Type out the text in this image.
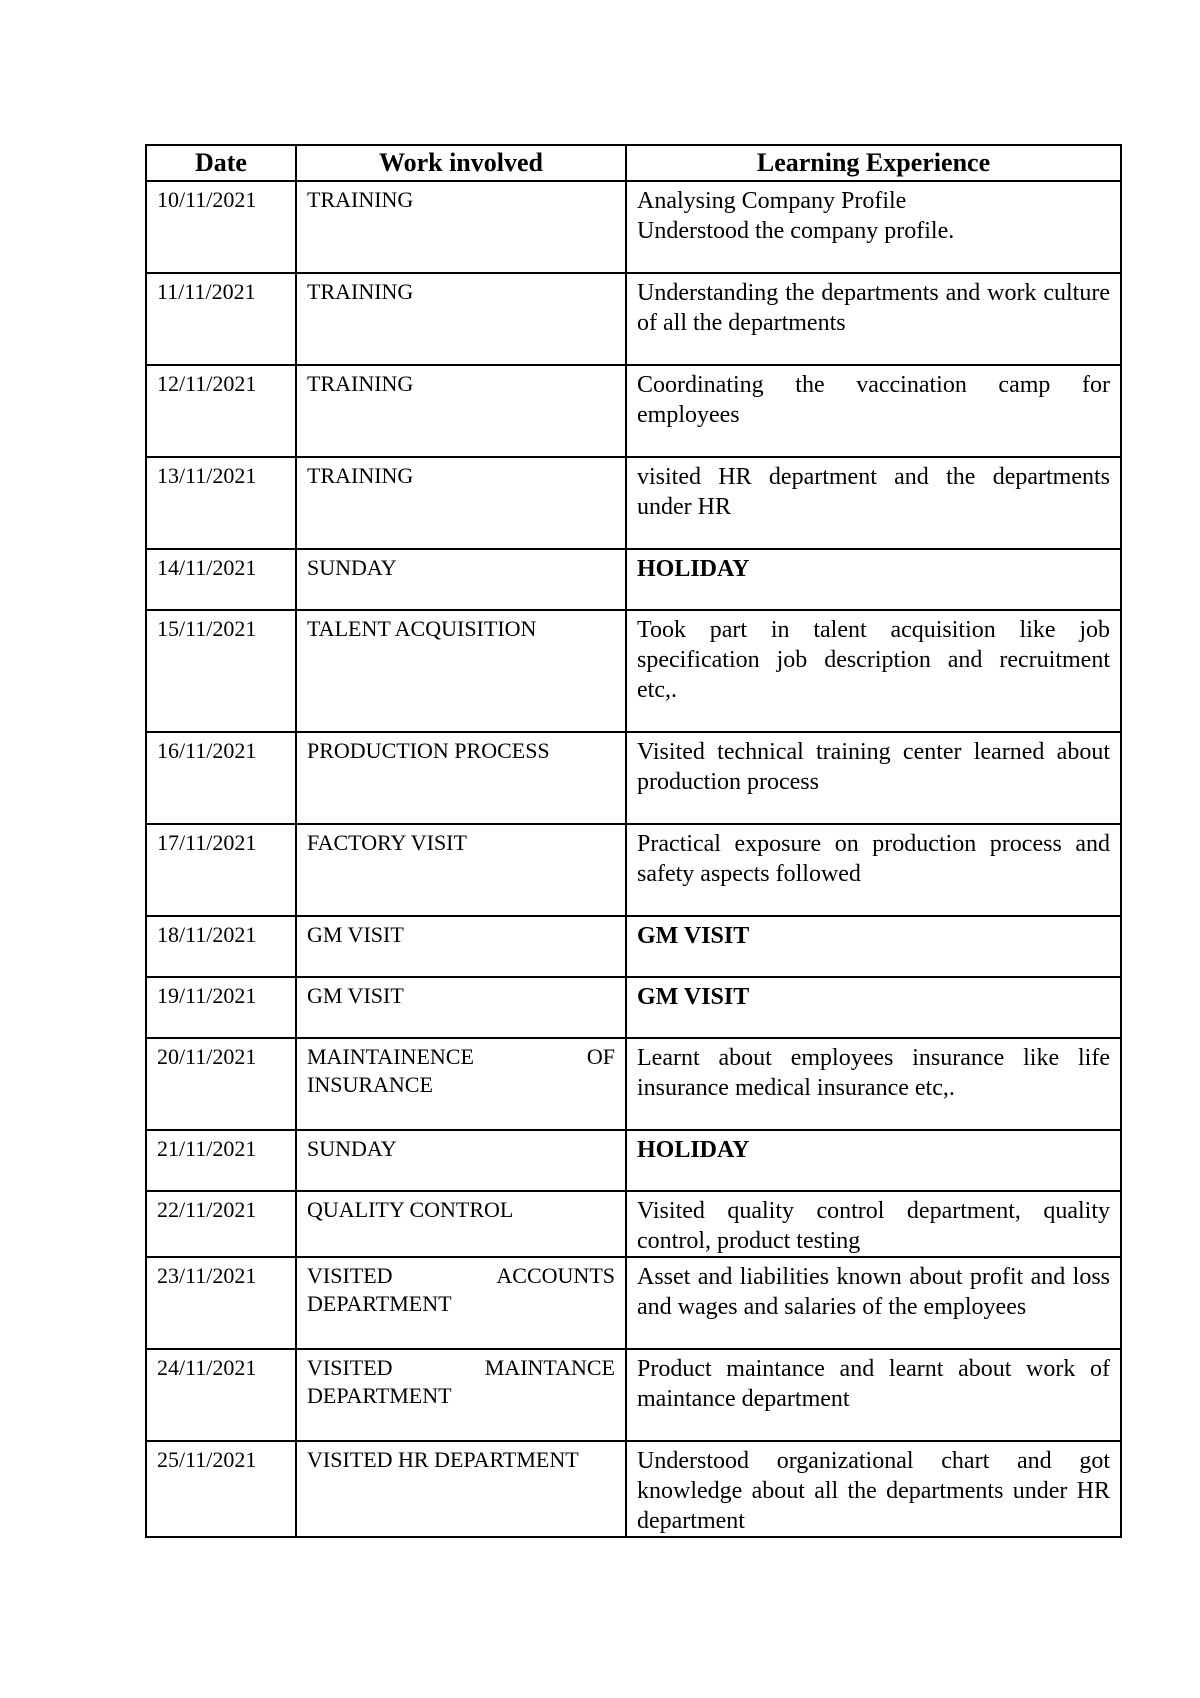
Date	Work involved	Learning Experience
10/11/2021	TRAINING	Analysing Company Profile
Understood the company profile.

11/11/2021	TRAINING	Understanding the departments and work culture of all the departments
12/11/2021	TRAINING	Coordinating the vaccination camp for employees
13/11/2021	TRAINING	visited HR department and the departments under HR
14/11/2021	SUNDAY	HOLIDAY
15/11/2021	TALENT ACQUISITION	Took part in talent acquisition like job specification job description and recruitment etc,.
16/11/2021	PRODUCTION PROCESS	Visited technical training center learned about production process
17/11/2021	FACTORY VISIT	Practical exposure on production process and safety aspects followed
18/11/2021	GM VISIT	GM VISIT
19/11/2021	GM VISIT	GM VISIT
20/11/2021	MAINTAINENCE OF INSURANCE	Learnt about employees insurance like life insurance medical insurance etc,.
21/11/2021	SUNDAY	HOLIDAY
22/11/2021	QUALITY CONTROL	Visited quality control department, quality control, product testing
23/11/2021	VISITED ACCOUNTS DEPARTMENT	Asset and liabilities known about profit and loss and wages and salaries of the employees
24/11/2021	VISITED MAINTANCE DEPARTMENT	Product maintance and learnt about work of maintance department
25/11/2021	VISITED HR DEPARTMENT	Understood organizational chart and got knowledge about all the departments under HR department
